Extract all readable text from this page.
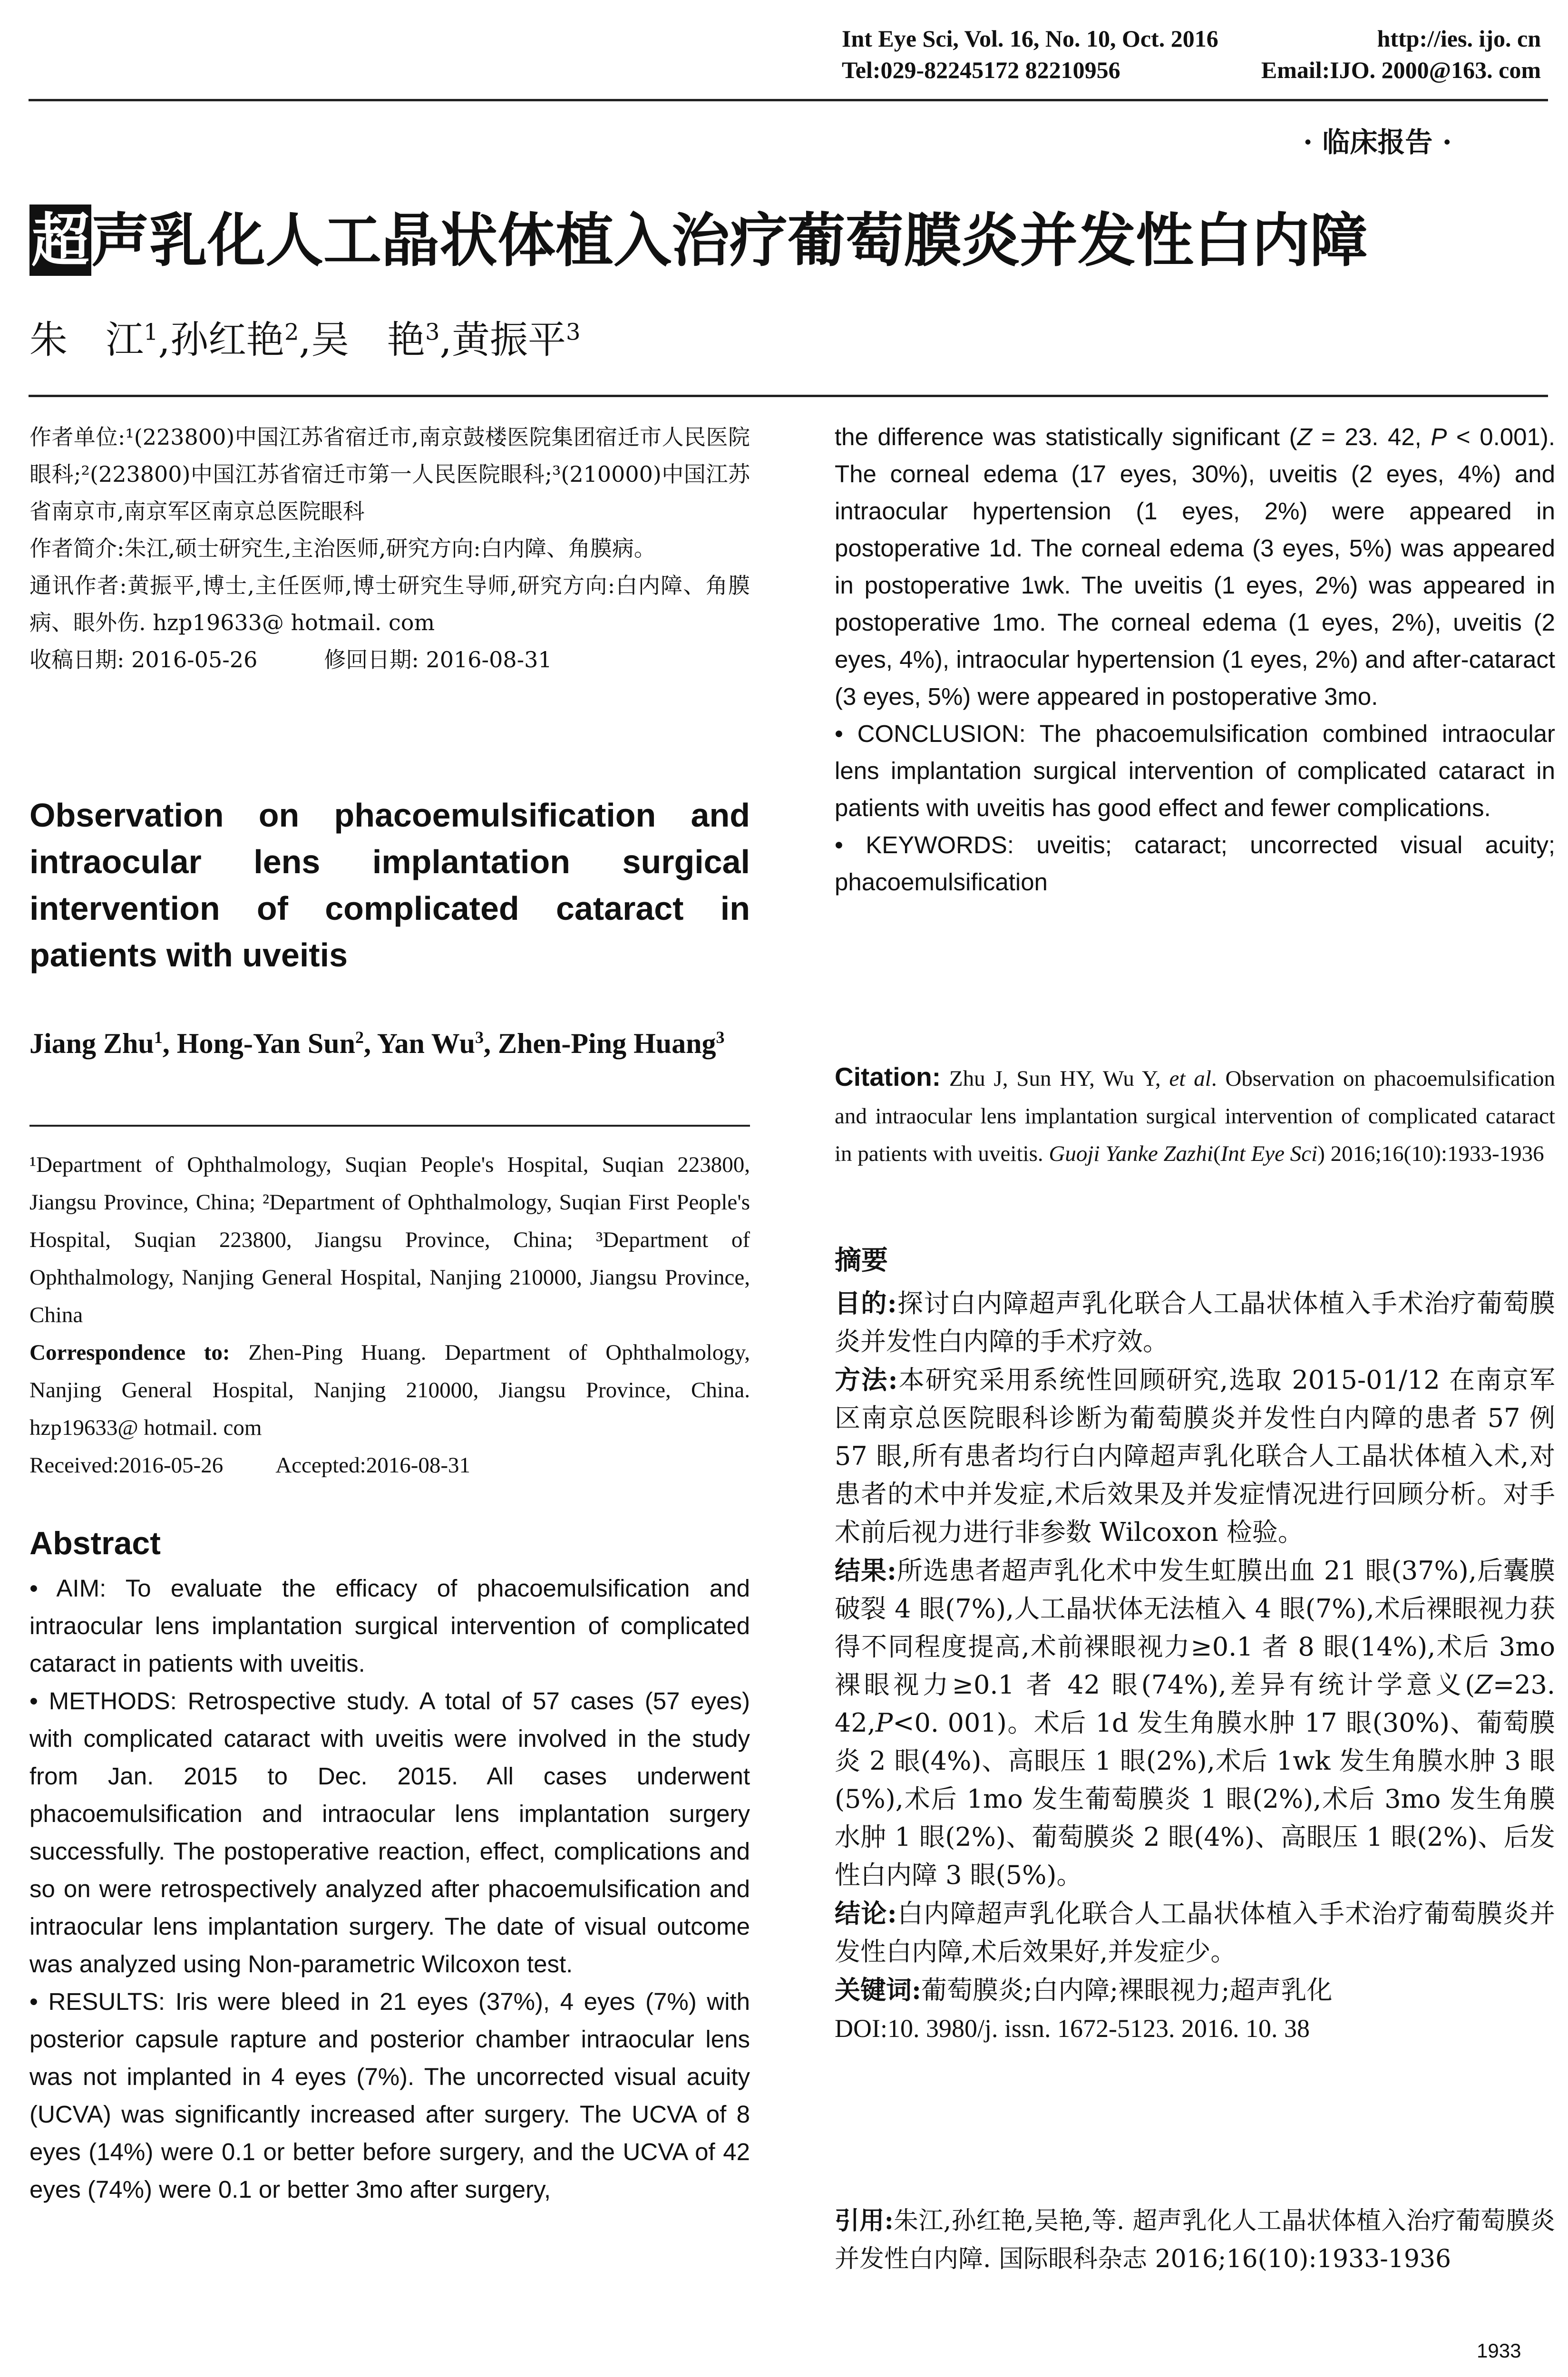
Int Eye Sci, Vol. 16, No. 10, Oct. 2016	http://ies. ijo. cn
Tel:029-82245172 82210956	Email:IJO. 2000@163. com
· 临床报告 ·
超声乳化人工晶状体植入治疗葡萄膜炎并发性白内障
朱　江$^1$,孙红艳$^2$,吴　艳$^3$,黄振平$^3$

作者单位:¹(223800)中国江苏省宿迁市,南京鼓楼医院集团宿迁市人民医院眼科;²(223800)中国江苏省宿迁市第一人民医院眼科;³(210000)中国江苏省南京市,南京军区南京总医院眼科

作者简介:朱江,硕士研究生,主治医师,研究方向:白内障、角膜病。

通讯作者:黄振平,博士,主任医师,博士研究生导师,研究方向:白内障、角膜病、眼外伤. hzp19633@ hotmail. com

收稿日期: 2016-05-26	修回日期: 2016-08-31

Observation on phacoemulsification and intraocular lens implantation surgical intervention of complicated cataract in patients with uveitis

Jiang Zhu$^1$, Hong-Yan Sun$^2$, Yan Wu$^3$, Zhen-Ping Huang$^3$

¹Department of Ophthalmology, Suqian People's Hospital, Suqian 223800, Jiangsu Province, China; ²Department of Ophthalmology, Suqian First People's Hospital, Suqian 223800, Jiangsu Province, China; ³Department of Ophthalmology, Nanjing General Hospital, Nanjing 210000, Jiangsu Province, China

Correspondence to: Zhen-Ping Huang. Department of Ophthalmology, Nanjing General Hospital, Nanjing 210000, Jiangsu Province, China. hzp19633@ hotmail. com

Received:2016-05-26 Accepted:2016-08-31

Abstract

• AIM: To evaluate the efficacy of phacoemulsification and intraocular lens implantation surgical intervention of complicated cataract in patients with uveitis.

• METHODS: Retrospective study. A total of 57 cases (57 eyes) with complicated cataract with uveitis were involved in the study from Jan. 2015 to Dec. 2015. All cases underwent phacoemulsification and intraocular lens implantation surgery successfully. The postoperative reaction, effect, complications and so on were retrospectively analyzed after phacoemulsification and intraocular lens implantation surgery. The date of visual outcome was analyzed using Non-parametric Wilcoxon test.

• RESULTS: Iris were bleed in 21 eyes (37%), 4 eyes (7%) with posterior capsule rapture and posterior chamber intraocular lens was not implanted in 4 eyes (7%). The uncorrected visual acuity (UCVA) was significantly increased after surgery. The UCVA of 8 eyes (14%) were 0.1 or better before surgery, and the UCVA of 42 eyes (74%) were 0.1 or better 3mo after surgery,

the difference was statistically significant (Z = 23. 42, P < 0.001). The corneal edema (17 eyes, 30%), uveitis (2 eyes, 4%) and intraocular hypertension (1 eyes, 2%) were appeared in postoperative 1d. The corneal edema (3 eyes, 5%) was appeared in postoperative 1wk. The uveitis (1 eyes, 2%) was appeared in postoperative 1mo. The corneal edema (1 eyes, 2%), uveitis (2 eyes, 4%), intraocular hypertension (1 eyes, 2%) and after-cataract (3 eyes, 5%) were appeared in postoperative 3mo.

• CONCLUSION: The phacoemulsification combined intraocular lens implantation surgical intervention of complicated cataract in patients with uveitis has good effect and fewer complications.

• KEYWORDS: uveitis; cataract; uncorrected visual acuity; phacoemulsification

Citation: Zhu J, Sun HY, Wu Y, et al. Observation on phacoemulsification and intraocular lens implantation surgical intervention of complicated cataract in patients with uveitis. Guoji Yanke Zazhi(Int Eye Sci) 2016;16(10):1933-1936

摘要

目的:探讨白内障超声乳化联合人工晶状体植入手术治疗葡萄膜炎并发性白内障的手术疗效。

方法:本研究采用系统性回顾研究,选取 2015-01/12 在南京军区南京总医院眼科诊断为葡萄膜炎并发性白内障的患者 57 例 57 眼,所有患者均行白内障超声乳化联合人工晶状体植入术,对患者的术中并发症,术后效果及并发症情况进行回顾分析。对手术前后视力进行非参数 Wilcoxon 检验。

结果:所选患者超声乳化术中发生虹膜出血 21 眼(37%),后囊膜破裂 4 眼(7%),人工晶状体无法植入 4 眼(7%),术后裸眼视力获得不同程度提高,术前裸眼视力≥0.1 者 8 眼(14%),术后 3mo 裸眼视力≥0.1 者 42 眼(74%),差异有统计学意义(Z=23. 42,P<0. 001)。术后 1d 发生角膜水肿 17 眼(30%)、葡萄膜炎 2 眼(4%)、高眼压 1 眼(2%),术后 1wk 发生角膜水肿 3 眼(5%),术后 1mo 发生葡萄膜炎 1 眼(2%),术后 3mo 发生角膜水肿 1 眼(2%)、葡萄膜炎 2 眼(4%)、高眼压 1 眼(2%)、后发性白内障 3 眼(5%)。

结论:白内障超声乳化联合人工晶状体植入手术治疗葡萄膜炎并发性白内障,术后效果好,并发症少。

关键词:葡萄膜炎;白内障;裸眼视力;超声乳化

DOI:10. 3980/j. issn. 1672-5123. 2016. 10. 38

引用:朱江,孙红艳,吴艳,等. 超声乳化人工晶状体植入治疗葡萄膜炎并发性白内障. 国际眼科杂志 2016;16(10):1933-1936

1933
